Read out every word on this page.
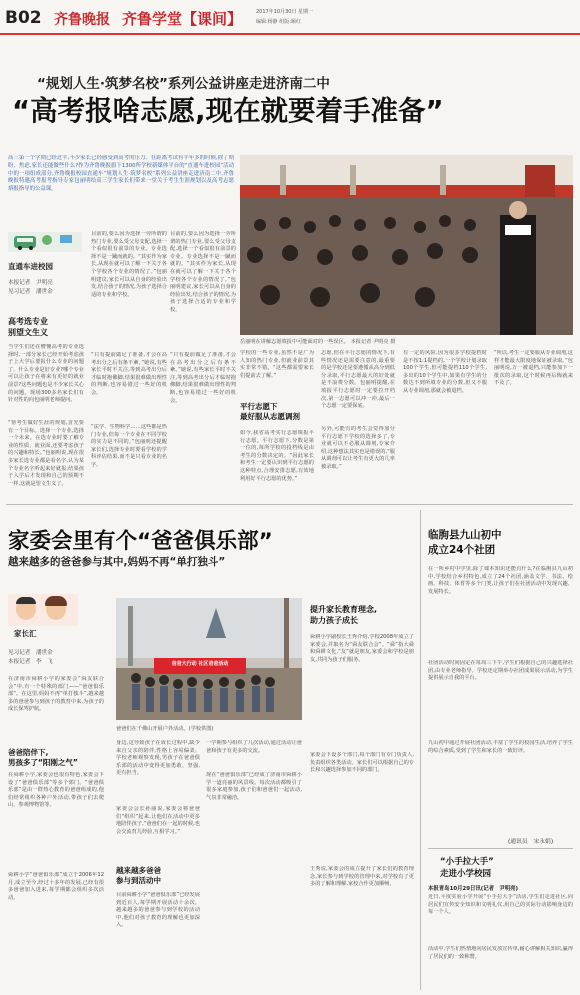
B02 齐鲁晚报 齐鲁学堂【课间】	2017年10月30日 星期一
编辑:杨静 组版:颐红
“规划人生·筑梦名校”系列公益讲座走进济南二中
“高考报啥志愿,现在就要着手准备”
高三第一个学期已经过半,不少家长已经感受到高考的压力。在距离考试有半年多的时候,除了期盼、焦虑,家长还能做些什么?作为齐鲁晚报旗下1300所学校新媒体平台的“直通车进校园”活动中的一项组成部分,齐鲁晚报校园直通车“规划人生·筑梦名校”系列公益讲座走进济南二中,齐鲁晚报特邀高考报考指导专家包丽明给高三学生家长们带来一堂关于考生生涯规划以及高考志愿填报指导的公益课。
直通车进校园
本报记者　尹明亮
见习记者　潘世金
高考选专业
别望文生义
当学生们还在懵懂高考的专业选择时,一部分家长已经开始考虑孩子上大学后要报什么专业的问题了。什么专业是好专业?哪个专业可以让孩子在将来有更好的就业前景?这些问题也是不少家长关心的问题。现场300多名家长们有针对性的向包丽明老师提问。
“帮考生做好生涯的规划,首先要有一个目标。选择一个专业,选择一个未来。在选专业时要了解专业的性质、就业面,还要考虑孩子的兴趣和特长。”包丽明说,现在很多家长选专业都是看名字,认为某个专业名字听起来好就报,结果孩子入学后才发现和自己的预期不一样,这就是望文生义了。
目前的,要么因为选择一旁所谓的热门专业,要么受父母支配,选择一个看似很有前景的专业。专业选择不是一蹴而就的。“其实作为家长,从现在就可以了解一下关于各个学校各个专业的情况了。”包丽明建议,家长可以从自身的经验出发,结合孩子的情况,为孩子选择合适的专业和学校。
“只有提前做足了准备,才会在高考出分之后有条不紊。”她说,有些家长平时不关注,等到高考出分后才临时抱佛脚,结果很难做出理性的判断,也容易错过一些好的机会。
“法学、生物科学……这些都是热门专业,但每一个专业在不同学校的实力是不同的。”包丽明还提醒家长们,选择专业时要看学校的学科评估结果,而不是只看专业的名字。
目前的,要么因为选择一旁所谓的热门专业,要么受父母支配,选择一个看似很有前景的专业。专业选择不是一蹴而就的。“其实作为家长,从现在就可以了解一下关于各个学校各个专业的情况了。”包丽明建议,家长可以从自身的经验出发,结合孩子的情况,为孩子选择合适的专业和学校。
“只有提前做足了准备,才会在高考出分之后有条不紊。”她说,有些家长平时不关注,等到高考出分后才临时抱佛脚,结果很难做出理性的判断,也容易错过一些好的机会。
岳丽明在讲解志愿填报中可能面对的一些误区。 本报记者 尹明亮 摄
学校的一些专业,虽然不是广为人知的热门专业,但就业前景其实非常不错。“这些都需要家长们提前去了解。”
平行志愿下
最好服从志愿调剂
如今,我省高考实行志愿填报平行志愿。平行志愿下,分数是第一位的,每所学校的投档线是由考生的分数决定的。“因此家长和考生一定要认识到平行志愿的这种特点,合理安排志愿,有效地利用好平行志愿的优势。”
志愿,但在平行志愿的情况下,有些情况还是需要注意的,最重要的是学校还是要遵循从高分到低分录取,平行志愿最大的好处就是不浪费分数。包丽明提醒,在填报平行志愿时一定要拉开档次,第一志愿可以冲一冲,最后一个志愿一定要保底。
另外,可能有的考生会觉得加分平行志愿下学校的选择多了,专业就可以不必服从调剂,专家介绍,这种想法其实也是错误的,“服从调剂可以让考生有更大的几率被录取。”
有一定的风险,因为很多学校提档时是不按1:1提档的,一个学校计划录取100个学生,但可能提档110个学生,多出的10个学生中,如果有学生的分数达不到所填专业的分数,但又不服从专业调剂,那就会被退档。
“所以,考生一定要服从专业调剂,这样才能最大限度地保证被录取。”包丽明说,万一被退档,只能参加下一批次的录取,这个时候再后悔就来不及了。
家委会里有个“爸爸俱乐部”
越来越多的爸爸参与其中,妈妈不再“单打独斗”
家长汇
见习记者　潘世金
本报记者　李　飞
在济南市舜耕小学的家委会“舜友联合会”中,有一个特殊的部门——“爸爸俱乐部”。在这里,妈妈不再“单打独斗”,越来越多的爸爸参与到孩子的教育中来,为孩子的成长保驾护航。
爸爸陪伴下,
男孩多了“阳刚之气”
在舜耕小学,家委会也很有特色,家委会下设了“爸爸俱乐部”等多个部门。“爸爸俱乐部”是由一群热心教育的爸爸组成的,他们经常组织各种户外活动,带孩子们去爬山、参观博物馆等。
舜耕小学“爸爸俱乐部”成立于2006年12月,成立至今,经过十多年的发展,已经有很多爸爸加入进来,每学期都会组织多次活动。
爸爸大行动 社区爸爸活动
爸爸们在千佛山开展户外活动。(学校供图)
身边,这导致孩子在成长过程中,缺少来自父亲的陪伴,性格上容易偏柔。学校老师观察发现,男孩子在爸爸俱乐部的活动中变得更加勇敢、坚强,更有担当。
家委会会长孙丽说,家委会将爸爸们“组织”起来,让他们在活动中更多地陪伴孩子,“爸爸们在一起的时候,也会交流育儿经验,互相学习。”
越来越多爸爸
参与到活动中
目前舜耕小学“爸爸俱乐部”已经发展到近百人,每学期开展活动十余次。越来越多的爸爸参与到学校的活动中,他们对孩子教育的理解也更加深入。
一学期参与组织了几次活动,通过活动让爸爸和孩子有更多的交流。
现在“爸爸俱乐部”已经成了济南市舜耕小学一道亮丽的风景线。每次活动都吸引了很多家庭参加,孩子们和爸爸们一起活动,气氛非常融洽。
提升家长教育理念,
助力孩子成长
舜耕小学副校长王秀介绍,学校2008年成立了家委会,并取名为“舜友联合会”。“舜”指大舜和舜耕文化,“友”就是朋友,家委会和学校是朋友,共同为孩子们服务。
家委会下设多个部门,每个部门有专门负责人,负责组织各类活动。家长们可以根据自己的专长和兴趣选择参加不同的部门。
王秀说,家委会的成立提升了家长们的教育理念,家长参与到学校的管理中来,对学校有了更多的了解和理解,家校合作更加顺畅。
临朐县九山初中
成立24个社团
在一所乡村中学里,除了课本知识还能有什么?在临朐县九山初中,学校结合乡村特色,成立了24个社团,涵盖文学、书法、绘画、科技、体育等多个门类,让孩子们在社团活动中发现兴趣、发展特长。
社团活动时间固定在每周三下午,学生们根据自己的兴趣选择社团,由专业老师指导。学校还定期举办社团成果展示活动,为学生提供展示自我的平台。
九山初中通过开展社团活动,丰富了学生的校园生活,培养了学生的综合素质,受到了学生和家长的一致好评。
(通讯员　宋永娟)
“小手拉大手”
走进小学校园
本报青岛10月29日讯(记者　尹明亮)
近日,平度实验小学开展“小手拉大手”活动,学生们走进社区,向居民们宣传安全知识和文明礼仪,用自己的实际行动影响身边的每一个人。
活动中,学生们热情地向居民发放宣传单,耐心讲解相关知识,赢得了居民们的一致称赞。
